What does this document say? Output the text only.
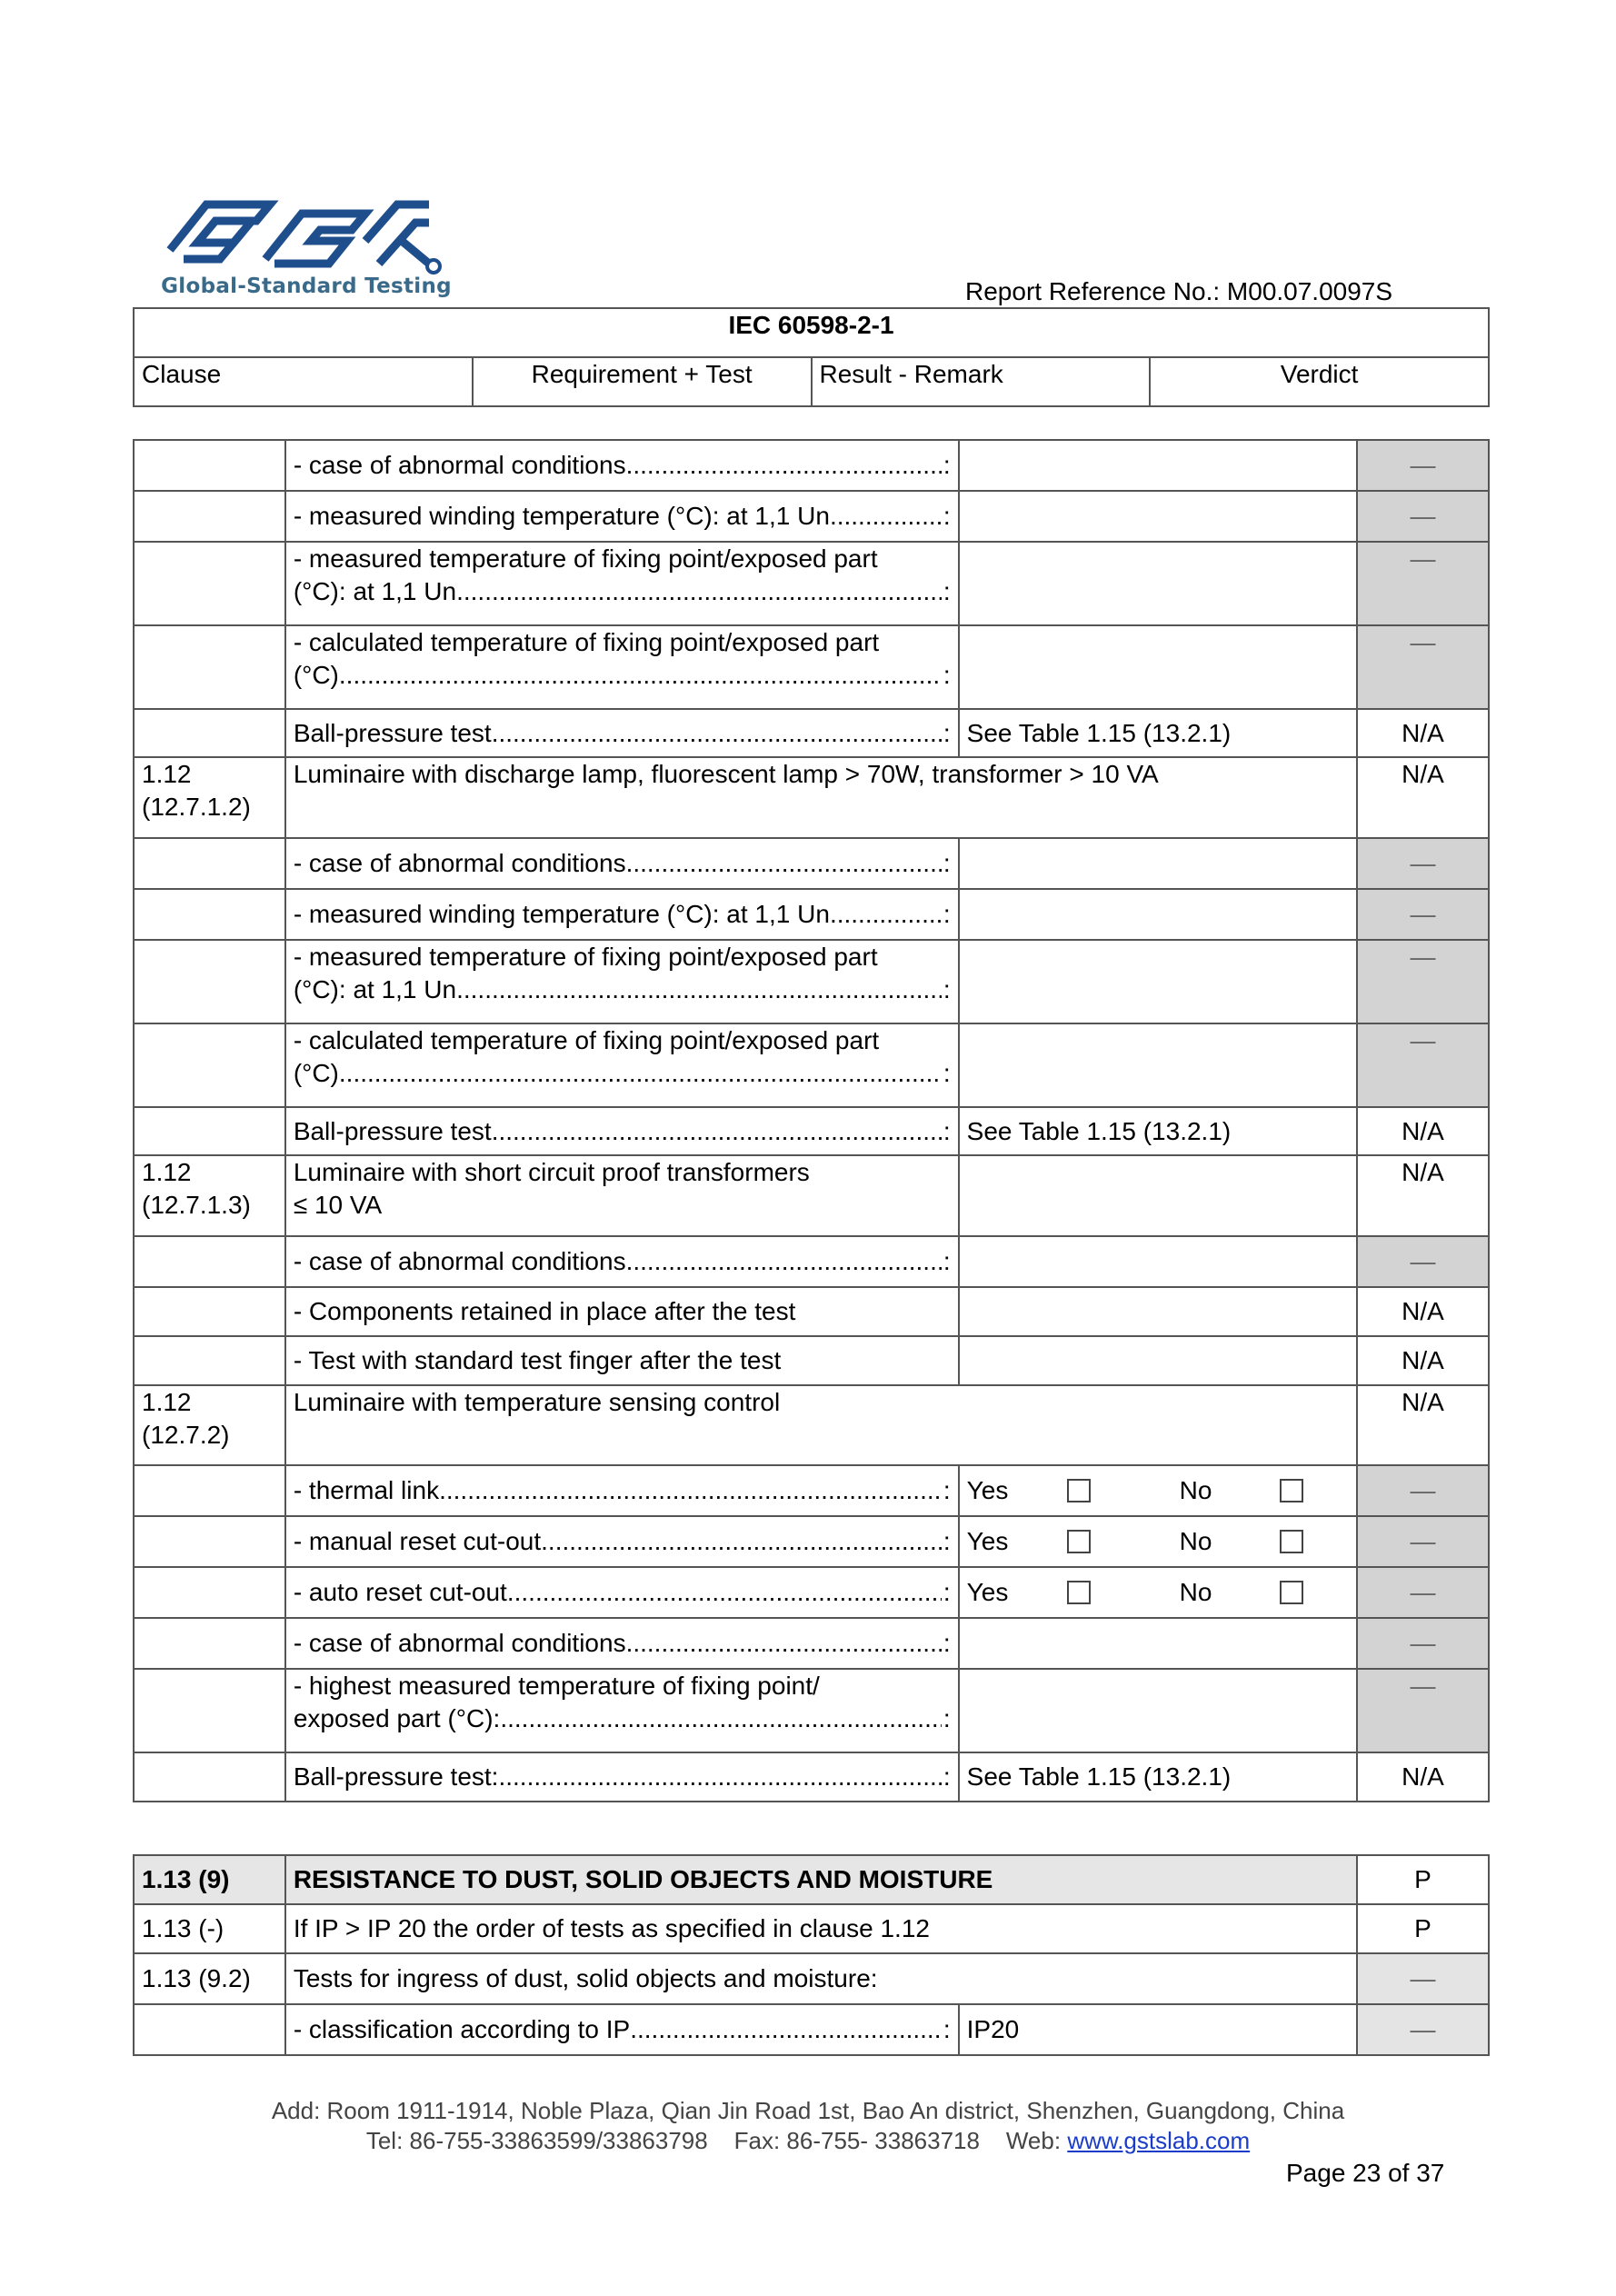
Global-Standard Testing	Report Reference No.: M00.07.0097S
IEC 60598-2-1
Clause	Requirement + Test	Result - Remark	Verdict

	- case of abnormal conditions ..... :		—

	- measured winding temperature (°C): at 1,1 Un ..... :		—

	- measured temperature of fixing point/exposed part
(°C): at 1,1 Un ..... :		—

	- calculated temperature of fixing point/exposed part
(°C) ..... :		—

	Ball-pressure test ..... :	See Table 1.15 (13.2.1)	N/A

1.12
(12.7.1.2)	Luminaire with discharge lamp, fluorescent lamp > 70W, transformer > 10 VA		N/A

	- case of abnormal conditions ..... :		—

	- measured winding temperature (°C): at 1,1 Un ..... :		—

	- measured temperature of fixing point/exposed part
(°C): at 1,1 Un ..... :		—

	- calculated temperature of fixing point/exposed part
(°C) ..... :		—

	Ball-pressure test ..... :	See Table 1.15 (13.2.1)	N/A

1.12
(12.7.1.3)	Luminaire with short circuit proof transformers
≤ 10 VA		N/A

	- case of abnormal conditions ..... :		—
	- Components retained in place after the test		N/A
	- Test with standard test finger after the test		N/A

1.12
(12.7.2)	Luminaire with temperature sensing control		N/A

	- thermal link ..... :	Yes No	—

	- manual reset cut-out ..... :	Yes No	—

	- auto reset cut-out ..... :	Yes No	—

	- case of abnormal conditions ..... :		—

	- highest measured temperature of fixing point/
exposed part (°C): ..... :		—

	Ball-pressure test: ..... :	See Table 1.15 (13.2.1)	N/A
1.13 (9)	RESISTANCE TO DUST, SOLID OBJECTS AND MOISTURE		P
1.13 (-)	If IP > IP 20 the order of tests as specified in clause 1.12		P
1.13 (9.2)	Tests for ingress of dust, solid objects and moisture:		—

	- classification according to IP ..... :	IP20	—
Add: Room 1911-1914, Noble Plaza, Qian Jin Road 1st, Bao An district, Shenzhen, Guangdong, China
Tel: 86-755-33863599/33863798 Fax: 86-755- 33863718 Web: www.gstslab.com
Page 23 of 37
